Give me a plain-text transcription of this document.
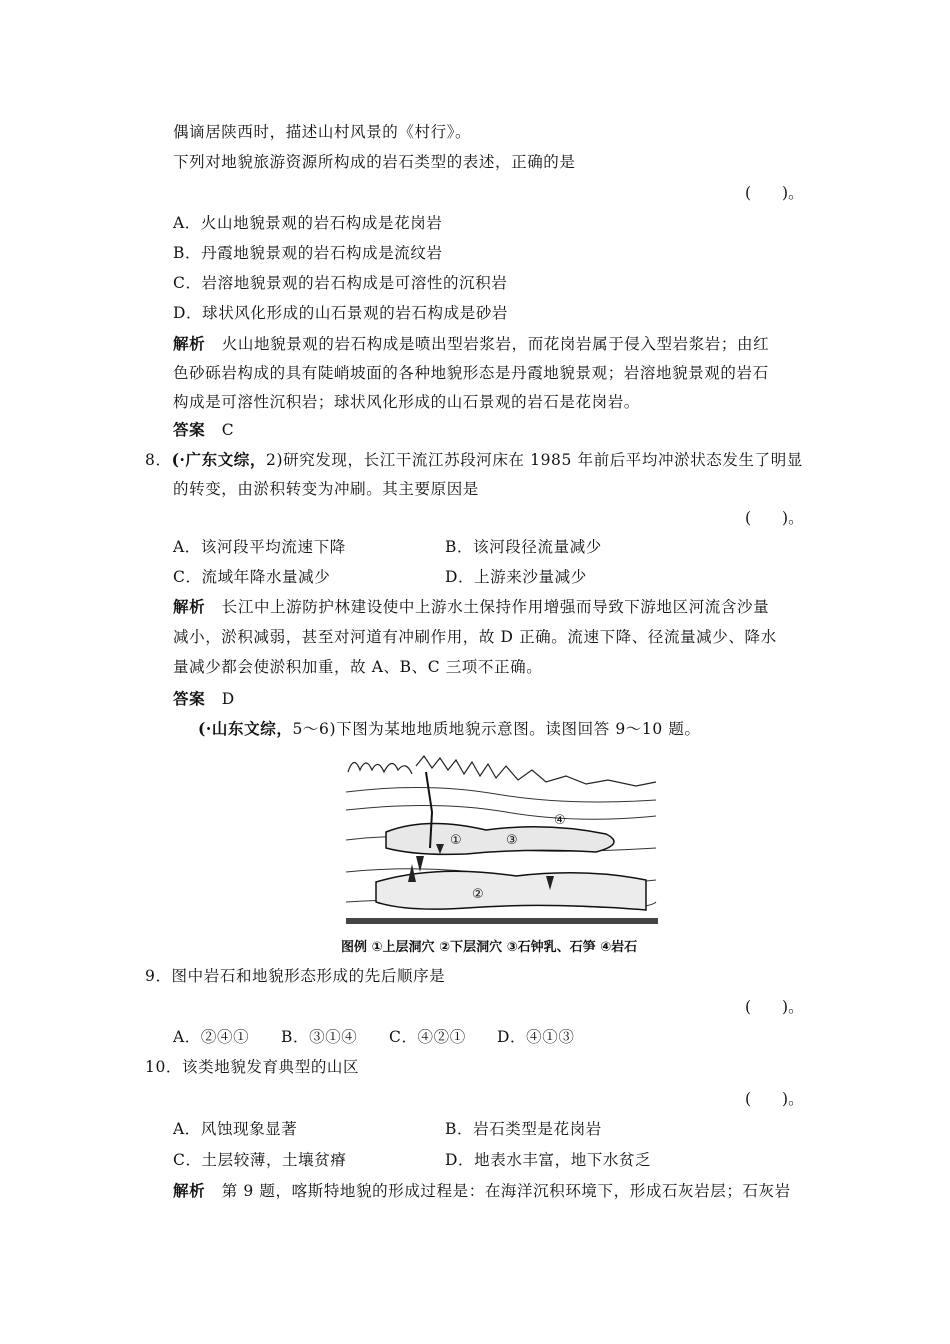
偶谪居陕西时，描述山村风景的《村行》。
下列对地貌旅游资源所构成的岩石类型的表述，正确的是
(　　)。
A．火山地貌景观的岩石构成是花岗岩
B．丹霞地貌景观的岩石构成是流纹岩
C．岩溶地貌景观的岩石构成是可溶性的沉积岩
D．球状风化形成的山石景观的岩石构成是砂岩
解析 火山地貌景观的岩石构成是喷出型岩浆岩，而花岗岩属于侵入型岩浆岩；由红
色砂砾岩构成的具有陡峭坡面的各种地貌形态是丹霞地貌景观；岩溶地貌景观的岩石
构成是可溶性沉积岩；球状风化形成的山石景观的岩石是花岗岩。
答案 C
8．(·广东文综，2)研究发现，长江干流江苏段河床在 1985 年前后平均冲淤状态发生了明显
的转变，由淤积转变为冲刷。其主要原因是
(　　)。
A．该河段平均流速下降	B．该河段径流量减少
C．流域年降水量减少	D．上游来沙量减少
解析 长江中上游防护林建设使中上游水土保持作用增强而导致下游地区河流含沙量
减小，淤积减弱，甚至对河道有冲刷作用，故 D 正确。流速下降、径流量减少、降水
量减少都会使淤积加重，故 A、B、C 三项不正确。
答案 D
(·山东文综，5～6)下图为某地地质地貌示意图。读图回答 9～10 题。
①
②
③
④
图例 ①上层洞穴 ②下层洞穴 ③石钟乳、石笋 ④岩石
9．图中岩石和地貌形态形成的先后顺序是
(　　)。
A．②④① B．③①④ C．④②① D．④①③
10．该类地貌发育典型的山区
(　　)。
A．风蚀现象显著	B．岩石类型是花岗岩
C．土层较薄，土壤贫瘠	D．地表水丰富，地下水贫乏
解析 第 9 题，喀斯特地貌的形成过程是：在海洋沉积环境下，形成石灰岩层；石灰岩
